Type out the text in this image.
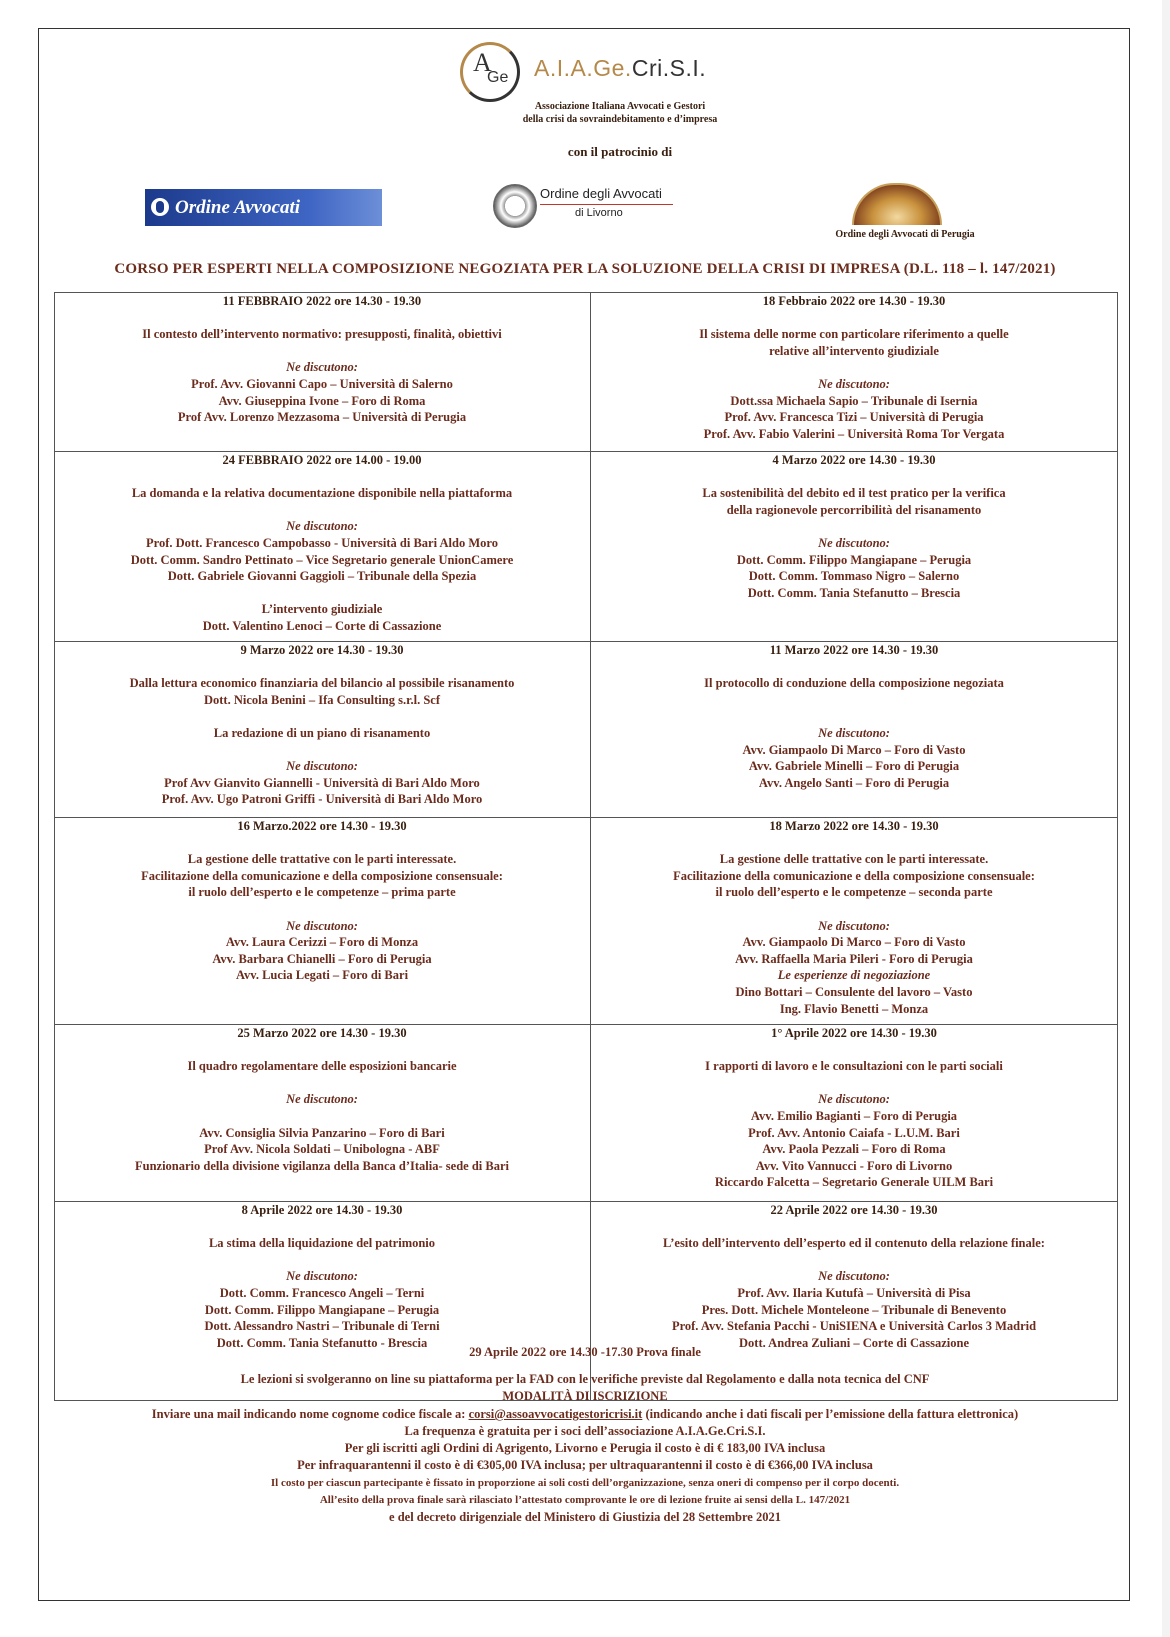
A
Ge A.I.A.Ge.Cri.S.I.
Associazione Italiana Avvocati e Gestori
della crisi da sovraindebitamento e d’impresa
con il patrocinio di
Ordine Avvocati Agrigento
Ordine degli Avvocati
di Livorno
Ordine degli Avvocati di Perugia
CORSO PER ESPERTI NELLA COMPOSIZIONE NEGOZIATA PER LA SOLUZIONE DELLA CRISI DI IMPRESA (D.L. 118 – l. 147/2021)
11 FEBBRAIO 2022 ore 14.30 - 19.30
Il contesto dell’intervento normativo: presupposti, finalità, obiettivi
Ne discutono:
Prof. Avv. Giovanni Capo – Università di Salerno
Avv. Giuseppina Ivone – Foro di Roma
Prof Avv. Lorenzo Mezzasoma – Università di Perugia
18 Febbraio 2022 ore 14.30 - 19.30
Il sistema delle norme con particolare riferimento a quelle
relative all’intervento giudiziale
Ne discutono:
Dott.ssa Michaela Sapio – Tribunale di Isernia
Prof. Avv. Francesca Tizi – Università di Perugia
Prof. Avv. Fabio Valerini – Università Roma Tor Vergata
24 FEBBRAIO 2022 ore 14.00 - 19.00
La domanda e la relativa documentazione disponibile nella piattaforma
Ne discutono:
Prof. Dott. Francesco Campobasso - Università di Bari Aldo Moro
Dott. Comm. Sandro Pettinato – Vice Segretario generale UnionCamere
Dott. Gabriele Giovanni Gaggioli – Tribunale della Spezia
L’intervento giudiziale
Dott. Valentino Lenoci – Corte di Cassazione
4 Marzo 2022 ore 14.30 - 19.30
La sostenibilità del debito ed il test pratico per la verifica
della ragionevole percorribilità del risanamento
Ne discutono:
Dott. Comm. Filippo Mangiapane – Perugia
Dott. Comm. Tommaso Nigro – Salerno
Dott. Comm. Tania Stefanutto – Brescia
9 Marzo 2022 ore 14.30 - 19.30
Dalla lettura economico finanziaria del bilancio al possibile risanamento
Dott. Nicola Benini – Ifa Consulting s.r.l. Scf
La redazione di un piano di risanamento
Ne discutono:
Prof Avv Gianvito Giannelli - Università di Bari Aldo Moro
Prof. Avv. Ugo Patroni Griffi - Università di Bari Aldo Moro
11 Marzo 2022 ore 14.30 - 19.30
Il protocollo di conduzione della composizione negoziata
Ne discutono:
Avv. Giampaolo Di Marco – Foro di Vasto
Avv. Gabriele Minelli – Foro di Perugia
Avv. Angelo Santi – Foro di Perugia
16 Marzo.2022 ore 14.30 - 19.30
La gestione delle trattative con le parti interessate.
Facilitazione della comunicazione e della composizione consensuale:
il ruolo dell’esperto e le competenze – prima parte
Ne discutono:
Avv. Laura Cerizzi – Foro di Monza
Avv. Barbara Chianelli – Foro di Perugia
Avv. Lucia Legati – Foro di Bari
18 Marzo 2022 ore 14.30 - 19.30
La gestione delle trattative con le parti interessate.
Facilitazione della comunicazione e della composizione consensuale:
il ruolo dell’esperto e le competenze – seconda parte
Ne discutono:
Avv. Giampaolo Di Marco – Foro di Vasto
Avv. Raffaella Maria Pileri - Foro di Perugia
Le esperienze di negoziazione
Dino Bottari – Consulente del lavoro – Vasto
Ing. Flavio Benetti – Monza
25 Marzo 2022 ore 14.30 - 19.30
Il quadro regolamentare delle esposizioni bancarie
Ne discutono:
Avv. Consiglia Silvia Panzarino – Foro di Bari
Prof Avv. Nicola Soldati – Unibologna - ABF
Funzionario della divisione vigilanza della Banca d’Italia- sede di Bari
1° Aprile 2022 ore 14.30 - 19.30
I rapporti di lavoro e le consultazioni con le parti sociali
Ne discutono:
Avv. Emilio Bagianti – Foro di Perugia
Prof. Avv. Antonio Caiafa - L.U.M. Bari
Avv. Paola Pezzali – Foro di Roma
Avv. Vito Vannucci - Foro di Livorno
Riccardo Falcetta – Segretario Generale UILM Bari
8 Aprile 2022 ore 14.30 - 19.30
La stima della liquidazione del patrimonio
Ne discutono:
Dott. Comm. Francesco Angeli – Terni
Dott. Comm. Filippo Mangiapane – Perugia
Dott. Alessandro Nastri – Tribunale di Terni
Dott. Comm. Tania Stefanutto - Brescia
22 Aprile 2022 ore 14.30 - 19.30
L’esito dell’intervento dell’esperto ed il contenuto della relazione finale:
Ne discutono:
Prof. Avv. Ilaria Kutufà – Università di Pisa
Pres. Dott. Michele Monteleone – Tribunale di Benevento
Prof. Avv. Stefania Pacchi - UniSIENA e Università Carlos 3 Madrid
Dott. Andrea Zuliani – Corte di Cassazione
29 Aprile 2022 ore 14.30 -17.30 Prova finale
Le lezioni si svolgeranno on line su piattaforma per la FAD con le verifiche previste dal Regolamento e dalla nota tecnica del CNF
MODALITÀ DI ISCRIZIONE
Inviare una mail indicando nome cognome codice fiscale a: corsi@assoavvocatigestoricrisi.it (indicando anche i dati fiscali per l’emissione della fattura elettronica)
La frequenza è gratuita per i soci dell’associazione A.I.A.Ge.Cri.S.I.
Per gli iscritti agli Ordini di Agrigento, Livorno e Perugia il costo è di € 183,00 IVA inclusa
Per infraquarantenni il costo è di €305,00 IVA inclusa; per ultraquarantenni il costo è di €366,00 IVA inclusa
Il costo per ciascun partecipante è fissato in proporzione ai soli costi dell’organizzazione, senza oneri di compenso per il corpo docenti.
All’esito della prova finale sarà rilasciato l’attestato comprovante le ore di lezione fruite ai sensi della L. 147/2021
e del decreto dirigenziale del Ministero di Giustizia del 28 Settembre 2021
